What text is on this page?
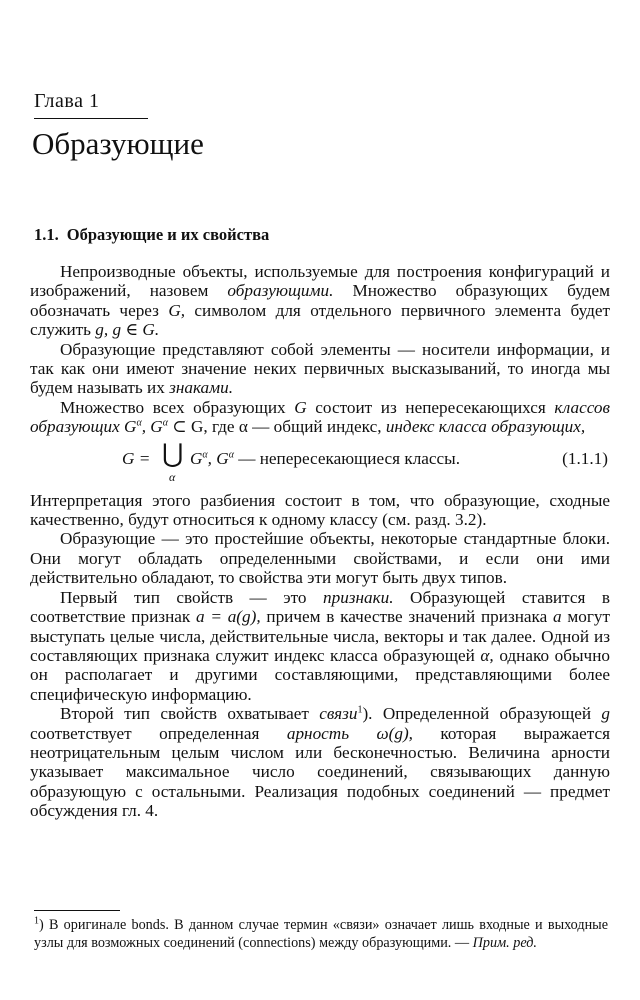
Глава 1
Образующие
1.1. Образующие и их свойства

Непроизводные объекты, используемые для построения конфигураций и изображений, назовем образующими. Множество образующих будем обозначать через G, символом для отдельного первичного элемента будет служить g, g ∈ G.

Образующие представляют собой элементы — носители информации, и так как они имеют значение неких первичных высказываний, то иногда мы будем называть их знаками.

Множество всех образующих G состоит из непересекающихся классов образующих $G^\alpha$, $G^\alpha$ ⊂ G, где α — общий индекс, индекс класса образующих,

G = ⋃
α
$G^\alpha$, $G^\alpha$ — непересекающиеся классы.	(1.1.1)

Интерпретация этого разбиения состоит в том, что образующие, сходные качественно, будут относиться к одному классу (см. разд. 3.2).

Образующие — это простейшие объекты, некоторые стандартные блоки. Они могут обладать определенными свойствами, и если они ими действительно обладают, то свойства эти могут быть двух типов.

Первый тип свойств — это признаки. Образующей ставится в соответствие признак a = a(g), причем в качестве значений признака a могут выступать целые числа, действительные числа, векторы и так далее. Одной из составляющих признака служит индекс класса образующей α, однако обычно он располагает и другими составляющими, представляющими более специфическую информацию.

Второй тип свойств охватывает связи$^1$). Определенной образующей g соответствует определенная арность ω(g), которая выражается неотрицательным целым числом или бесконечностью. Величина арности указывает максимальное число соединений, связывающих данную образующую с остальными. Реализация подобных соединений — предмет обсуждения гл. 4.

$^1$) В оригинале bonds. В данном случае термин «связи» означает лишь входные и выходные узлы для возможных соединений (connections) между образующими. — Прим. ред.
